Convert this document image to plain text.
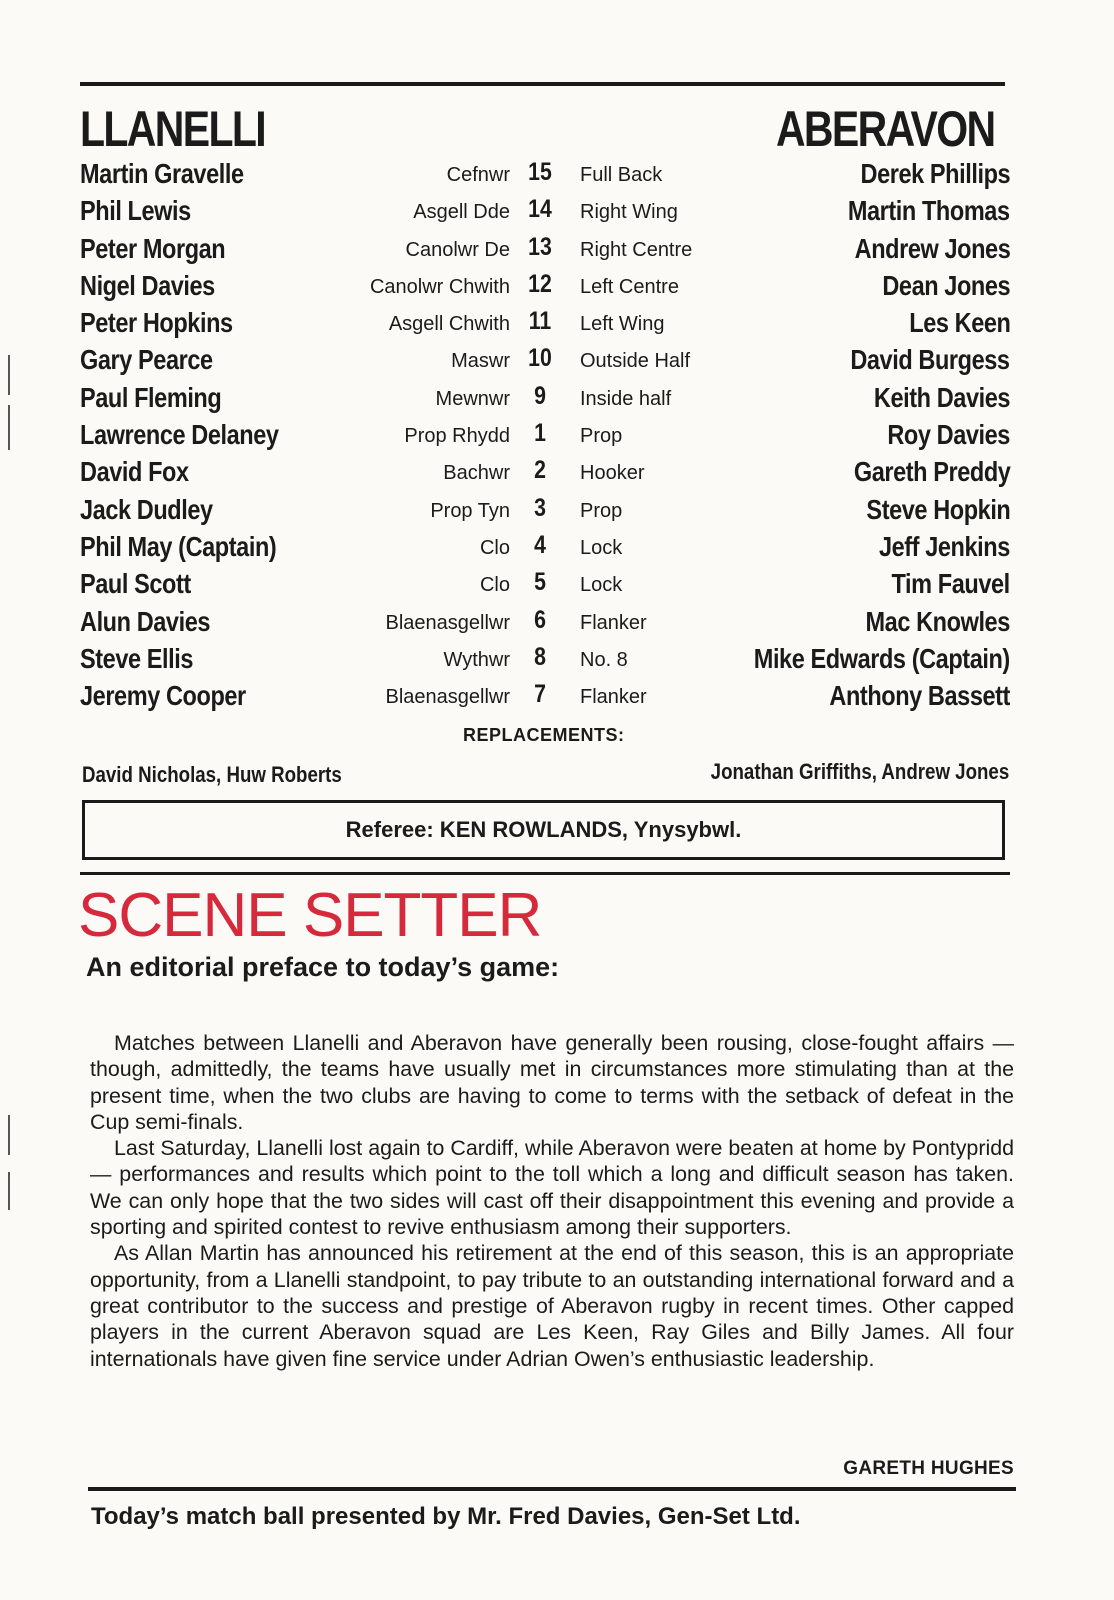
LLANELLI	ABERAVON
Martin Gravelle	Cefnwr 15 Full Back	Derek Phillips
Phil Lewis	Asgell Dde 14 Right Wing	Martin Thomas
Peter Morgan	Canolwr De 13 Right Centre	Andrew Jones
Nigel Davies	Canolwr Chwith 12 Left Centre	Dean Jones
Peter Hopkins	Asgell Chwith 11 Left Wing	Les Keen
Gary Pearce	Maswr 10 Outside Half	David Burgess
Paul Fleming	Mewnwr 9	Inside half	Keith Davies
Lawrence Delaney	Prop Rhydd 1	Prop	Roy Davies
David Fox	Bachwr 2	Hooker	Gareth Preddy
Jack Dudley	Prop Tyn 3	Prop	Steve Hopkin
Phil May (Captain)	Clo 4	Lock	Jeff Jenkins
Paul Scott	Clo 5	Lock	Tim Fauvel
Alun Davies	Blaenasgellwr 6	Flanker	Mac Knowles
Steve Ellis	Wythwr 8	No. 8	Mike Edwards (Captain)
Jeremy Cooper	Blaenasgellwr 7	Flanker	Anthony Bassett
REPLACEMENTS:
David Nicholas, Huw Roberts	Jonathan Griffiths, Andrew Jones
Referee: KEN ROWLANDS, Ynysybwl.
SCENE SETTER
An editorial preface to today’s game:

Matches between Llanelli and Aberavon have generally been rousing, close-fought affairs — though, admittedly, the teams have usually met in circumstances more stimulating than at the present time, when the two clubs are having to come to terms with the setback of defeat in the Cup semi-finals.

Last Saturday, Llanelli lost again to Cardiff, while Aberavon were beaten at home by Pontypridd — performances and results which point to the toll which a long and difficult season has taken. We can only hope that the two sides will cast off their disappointment this evening and provide a sporting and spirited contest to revive enthusiasm among their supporters.

As Allan Martin has announced his retirement at the end of this season, this is an appropriate opportunity, from a Llanelli standpoint, to pay tribute to an outstanding international forward and a great contributor to the success and prestige of Aberavon rugby in recent times. Other capped players in the current Aberavon squad are Les Keen, Ray Giles and Billy James. All four internationals have given fine service under Adrian Owen’s enthusiastic leadership.

GARETH HUGHES
Today’s match ball presented by Mr. Fred Davies, Gen-Set Ltd.
